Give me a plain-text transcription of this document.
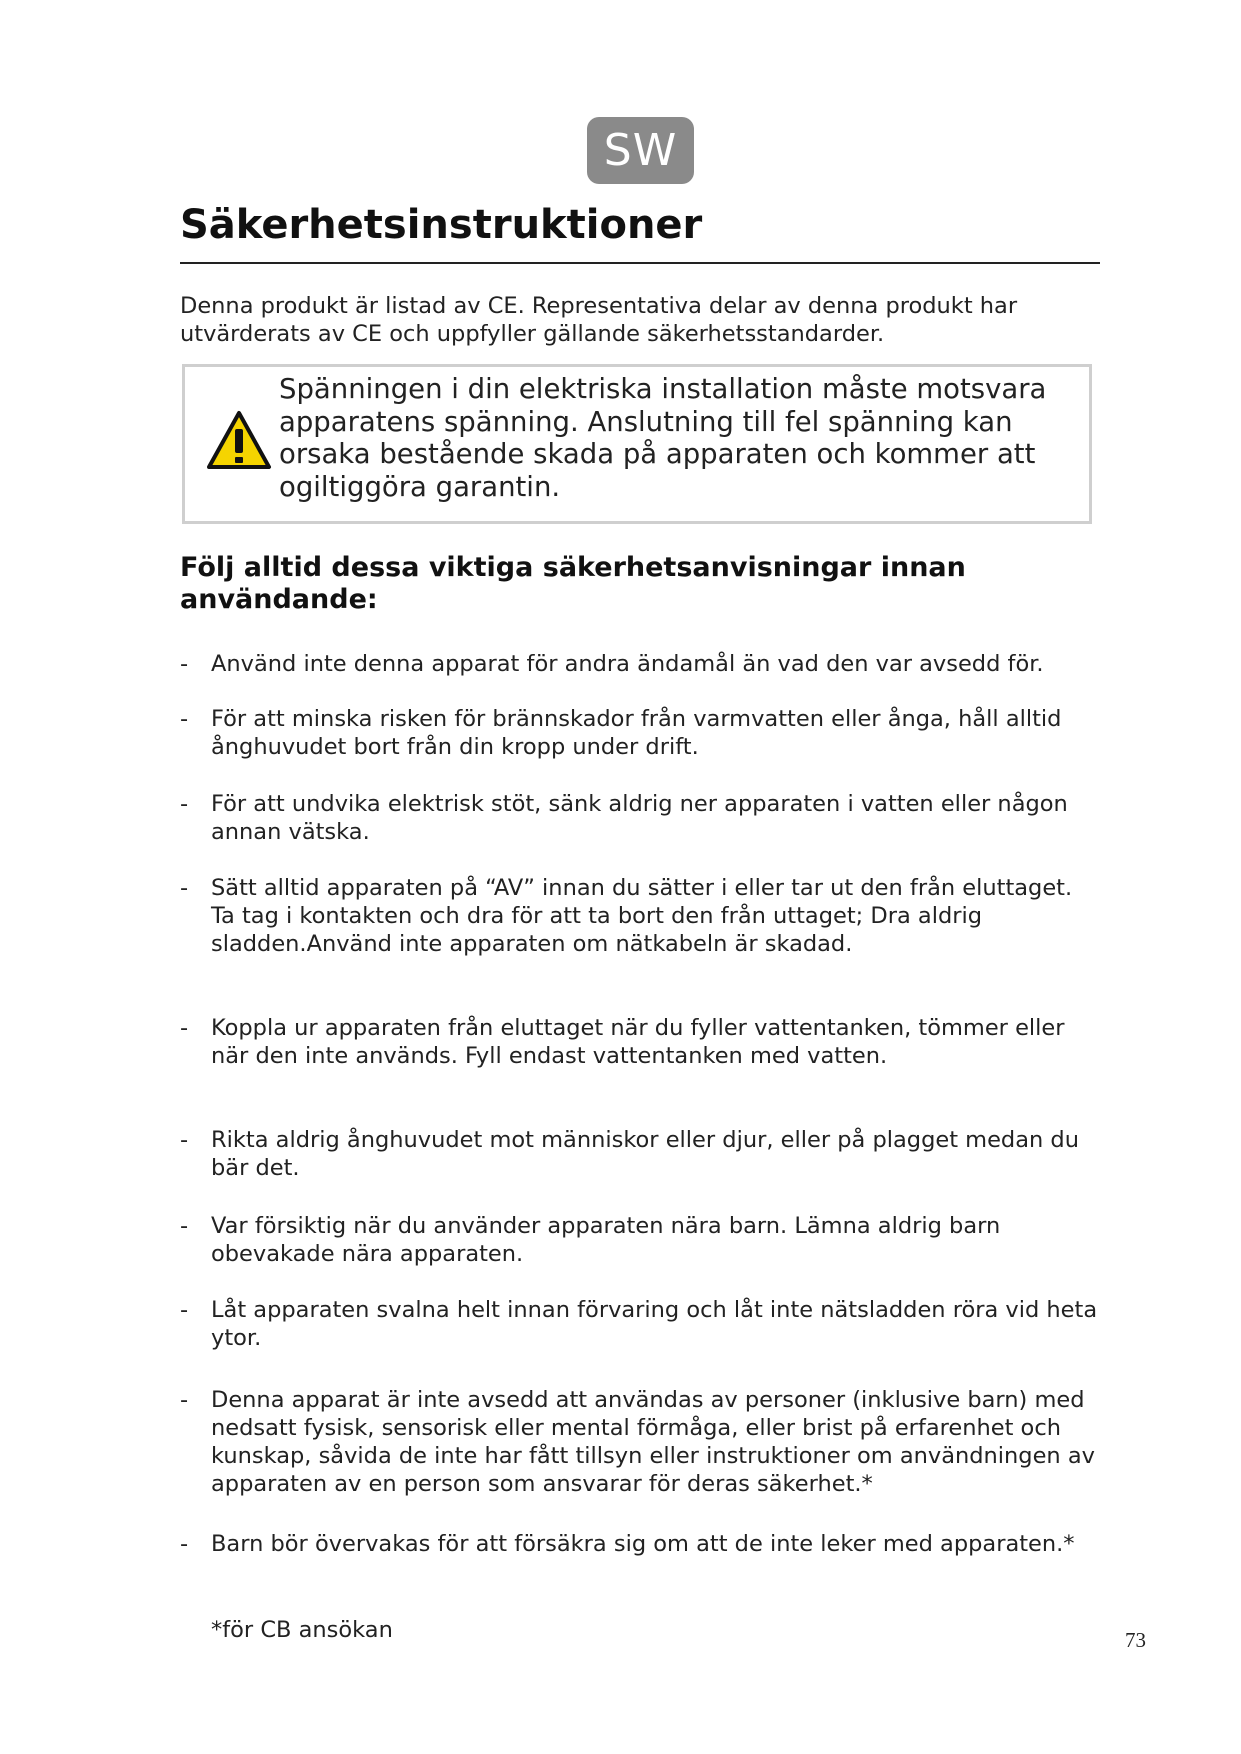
SW
Säkerhetsinstruktioner

Denna produkt är listad av CE. Representativa delar av denna produkt har utvärderats av CE och uppfyller gällande säkerhetsstandarder.

Spänningen i din elektriska installation måste motsvara apparatens spänning. Anslutning till fel spänning kan orsaka bestående skada på apparaten och kommer att ogiltiggöra garantin.

Följ alltid dessa viktiga säkerhetsanvisningar innan användande:
- Använd inte denna apparat för andra ändamål än vad den var avsedd för.

- För att minska risken för brännskador från varmvatten eller ånga, håll alltid ånghuvudet bort från din kropp under drift.

- För att undvika elektrisk stöt, sänk aldrig ner apparaten i vatten eller någon annan vätska.

- Sätt alltid apparaten på “AV” innan du sätter i eller tar ut den från eluttaget. Ta tag i kontakten och dra för att ta bort den från uttaget; Dra aldrig sladden.Använd inte apparaten om nätkabeln är skadad.

- Koppla ur apparaten från eluttaget när du fyller vattentanken, tömmer eller när den inte används. Fyll endast vattentanken med vatten.

- Rikta aldrig ånghuvudet mot människor eller djur, eller på plagget medan du bär det.

- Var försiktig när du använder apparaten nära barn. Lämna aldrig barn obevakade nära apparaten.

- Låt apparaten svalna helt innan förvaring och låt inte nätsladden röra vid heta ytor.

- Denna apparat är inte avsedd att användas av personer (inklusive barn) med nedsatt fysisk, sensorisk eller mental förmåga, eller brist på erfarenhet och kunskap, såvida de inte har fått tillsyn eller instruktioner om användningen av apparaten av en person som ansvarar för deras säkerhet.*

- Barn bör övervakas för att försäkra sig om att de inte leker med apparaten.*

*för CB ansökan	73
